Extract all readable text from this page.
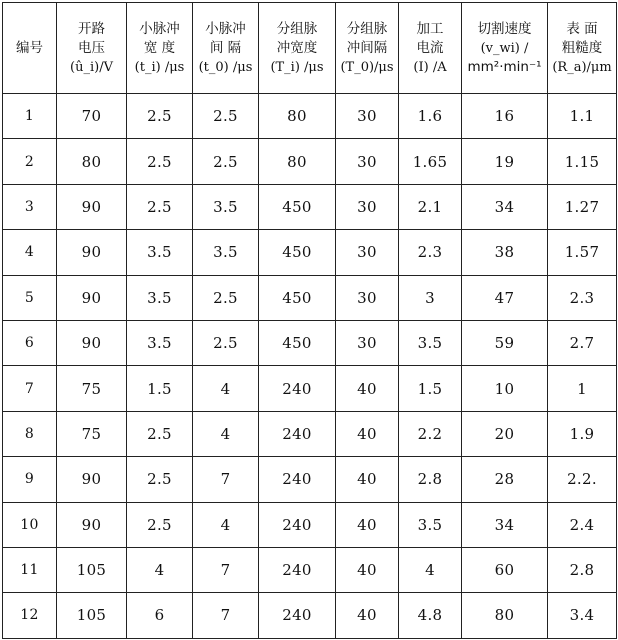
编号	开路
电压
(û_i)/V	小脉冲
宽 度
(t_i) /μs	小脉冲
间 隔
(t_0) /μs	分组脉
冲宽度
(T_i) /μs	分组脉
冲间隔
(T_0)/μs	加工
电流
(I) /A	切割速度
(v_wi) /
mm²·min⁻¹	表 面
粗糙度
(R_a)/μm

1	70	2.5	2.5	80	30	1.6	16	1.1
2	80	2.5	2.5	80	30	1.65	19	1.15
3	90	2.5	3.5	450	30	2.1	34	1.27
4	90	3.5	3.5	450	30	2.3	38	1.57
5	90	3.5	2.5	450	30	3	47	2.3
6	90	3.5	2.5	450	30	3.5	59	2.7
7	75	1.5	4	240	40	1.5	10	1
8	75	2.5	4	240	40	2.2	20	1.9
9	90	2.5	7	240	40	2.8	28	2.2.
10	90	2.5	4	240	40	3.5	34	2.4
11	105	4	7	240	40	4	60	2.8
12	105	6	7	240	40	4.8	80	3.4
